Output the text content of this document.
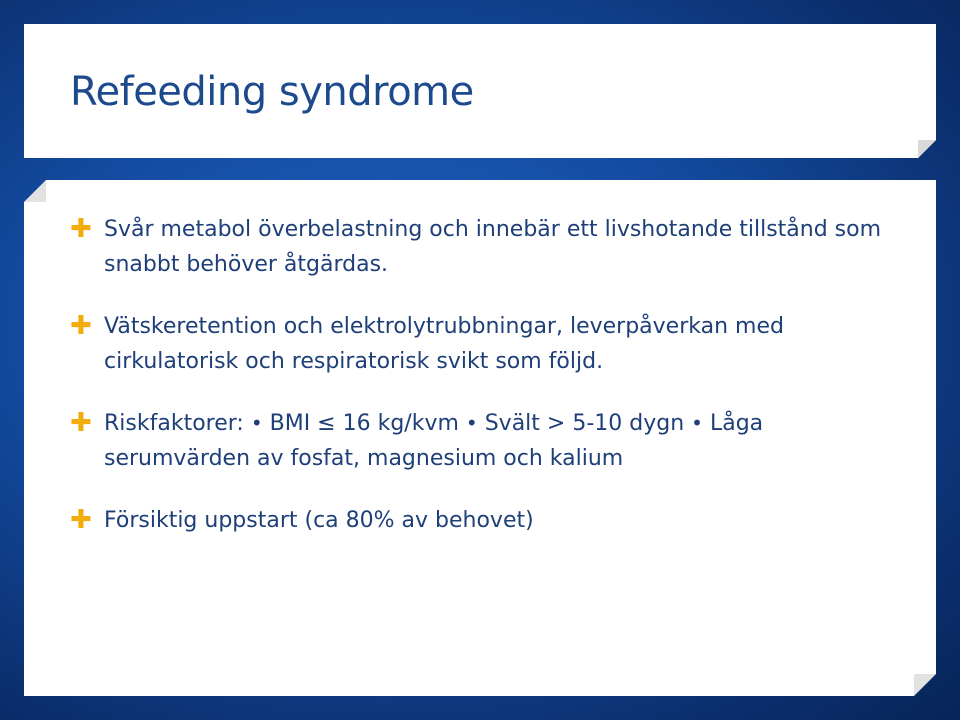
Refeeding syndrome
✚ Svår metabol överbelastning och innebär ett livshotande tillstånd som snabbt behöver åtgärdas.
✚ Vätskeretention och elektrolytrubbningar, leverpåverkan med cirkulatorisk och respiratorisk svikt som följd.
✚ Riskfaktorer: • BMI ≤ 16 kg/kvm • Svält > 5-10 dygn • Låga serumvärden av fosfat, magnesium och kalium
✚ Försiktig uppstart (ca 80% av behovet)
